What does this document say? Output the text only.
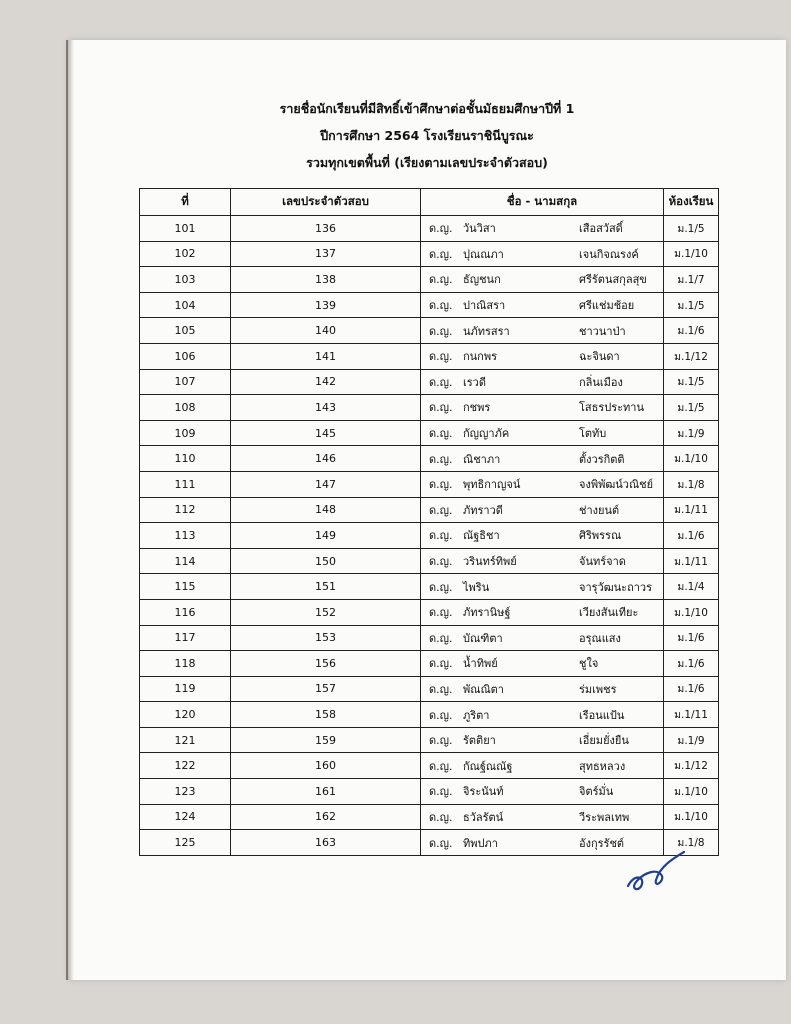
รายชื่อนักเรียนที่มีสิทธิ์เข้าศึกษาต่อชั้นมัธยมศึกษาปีที่ 1
ปีการศึกษา 2564 โรงเรียนราชินีบูรณะ
รวมทุกเขตพื้นที่ (เรียงตามเลขประจำตัวสอบ)
ที่	เลขประจำตัวสอบ	ชื่อ - นามสกุล	ห้องเรียน
101	136	ด.ญ. วันวิสา เสือสวัสดิ์	ม.1/5
102	137	ด.ญ. ปุณณภา เจนกิจณรงค์	ม.1/10
103	138	ด.ญ. ธัญชนก ศรีรัตนสกุลสุข	ม.1/7
104	139	ด.ญ. ปาณิสรา ศรีแช่มช้อย	ม.1/5
105	140	ด.ญ. นภัทรสรา ชาวนาป่า	ม.1/6
106	141	ด.ญ. กนกพร ฉะจินดา	ม.1/12
107	142	ด.ญ. เรวดี กลิ่นเมือง	ม.1/5
108	143	ด.ญ. กชพร โสธรประทาน	ม.1/5
109	145	ด.ญ. กัญญาภัค โตทับ	ม.1/9
110	146	ด.ญ. ณิชาภา ตั้งวรกิตติ	ม.1/10
111	147	ด.ญ. พุทธิกาญจน์ จงพิพัฒน์วณิชย์	ม.1/8
112	148	ด.ญ. ภัทราวดี ช่างยนต์	ม.1/11
113	149	ด.ญ. ณัฐธิชา ศิริพรรณ	ม.1/6
114	150	ด.ญ. วรินทร์ทิพย์ จันทร์จาด	ม.1/11
115	151	ด.ญ. ไพริน จารุวัฒนะถาวร	ม.1/4
116	152	ด.ญ. ภัทรานิษฐ์ เวียงสันเทียะ	ม.1/10
117	153	ด.ญ. บัณฑิตา อรุณแสง	ม.1/6
118	156	ด.ญ. น้ำทิพย์ ชูใจ	ม.1/6
119	157	ด.ญ. พัณณิตา ร่มเพชร	ม.1/6
120	158	ด.ญ. ภูริตา เรือนแป้น	ม.1/11
121	159	ด.ญ. รัตติยา เอี่ยมยั่งยืน	ม.1/9
122	160	ด.ญ. กัณฐ์ณณัฐ สุทธหลวง	ม.1/12
123	161	ด.ญ. จิระนันท์ จิตร์มั่น	ม.1/10
124	162	ด.ญ. ธวัลรัตน์ วีระพลเทพ	ม.1/10
125	163	ด.ญ. ทิพปภา อังกุรรัชต์	ม.1/8
